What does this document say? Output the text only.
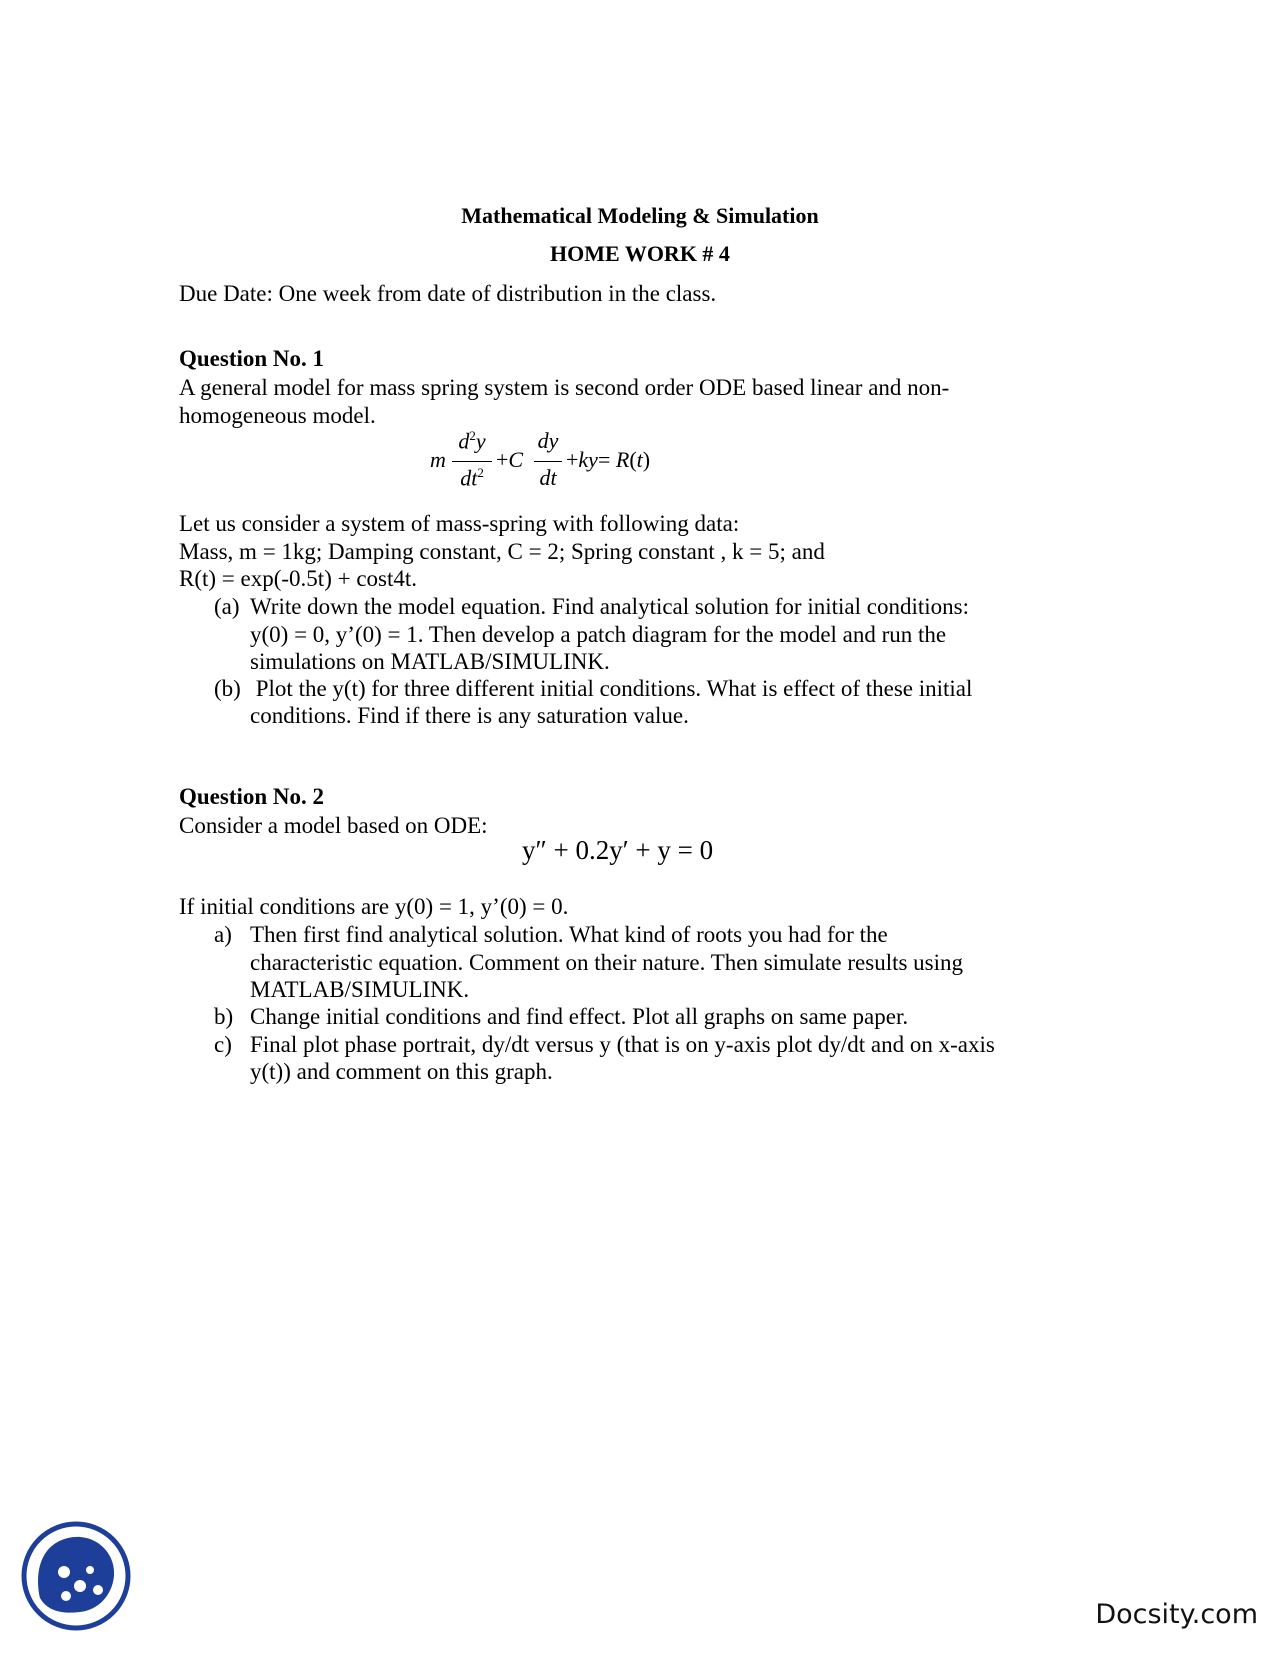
Mathematical Modeling & Simulation
HOME WORK # 4
Due Date: One week from date of distribution in the class.
Question No. 1
A general model for mass spring system is second order ODE based linear and non-
homogeneous model.
m
$d^2y$
$dt^2$
+C
dy
dt
+ky= R(t)
Let us consider a system of mass-spring with following data:
Mass, m = 1kg; Damping constant, C = 2; Spring constant , k = 5; and
R(t) = exp(-0.5t) + cost4t.
(a) Write down the model equation. Find analytical solution for initial conditions:
y(0) = 0, y’(0) = 1. Then develop a patch diagram for the model and run the
simulations on MATLAB/SIMULINK.
(b) Plot the y(t) for three different initial conditions. What is effect of these initial
conditions. Find if there is any saturation value.
Question No. 2
Consider a model based on ODE:
y″ + 0.2y′ + y = 0
If initial conditions are y(0) = 1, y’(0) = 0.
a) Then first find analytical solution. What kind of roots you had for the
characteristic equation. Comment on their nature. Then simulate results using
MATLAB/SIMULINK.
b) Change initial conditions and find effect. Plot all graphs on same paper.
c) Final plot phase portrait, dy/dt versus y (that is on y-axis plot dy/dt and on x-axis
y(t)) and comment on this graph.
Docsity.com
